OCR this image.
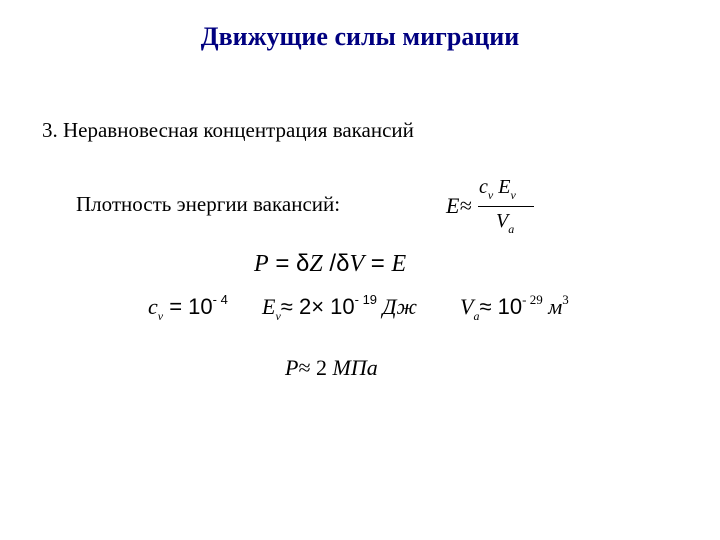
Движущие силы миграции
3. Неравновесная концентрация вакансий
Плотность энергии вакансий:	E≈
$c_v$ $E_v$
$V_a$
P = δZ /δV = E
$c_v = 10^{- 4}$ $E_v\approx 2\times 10^{- 19}$ Дж $V_a\approx 10^{- 29}$ $м^3$
P≈ 2 МПа
